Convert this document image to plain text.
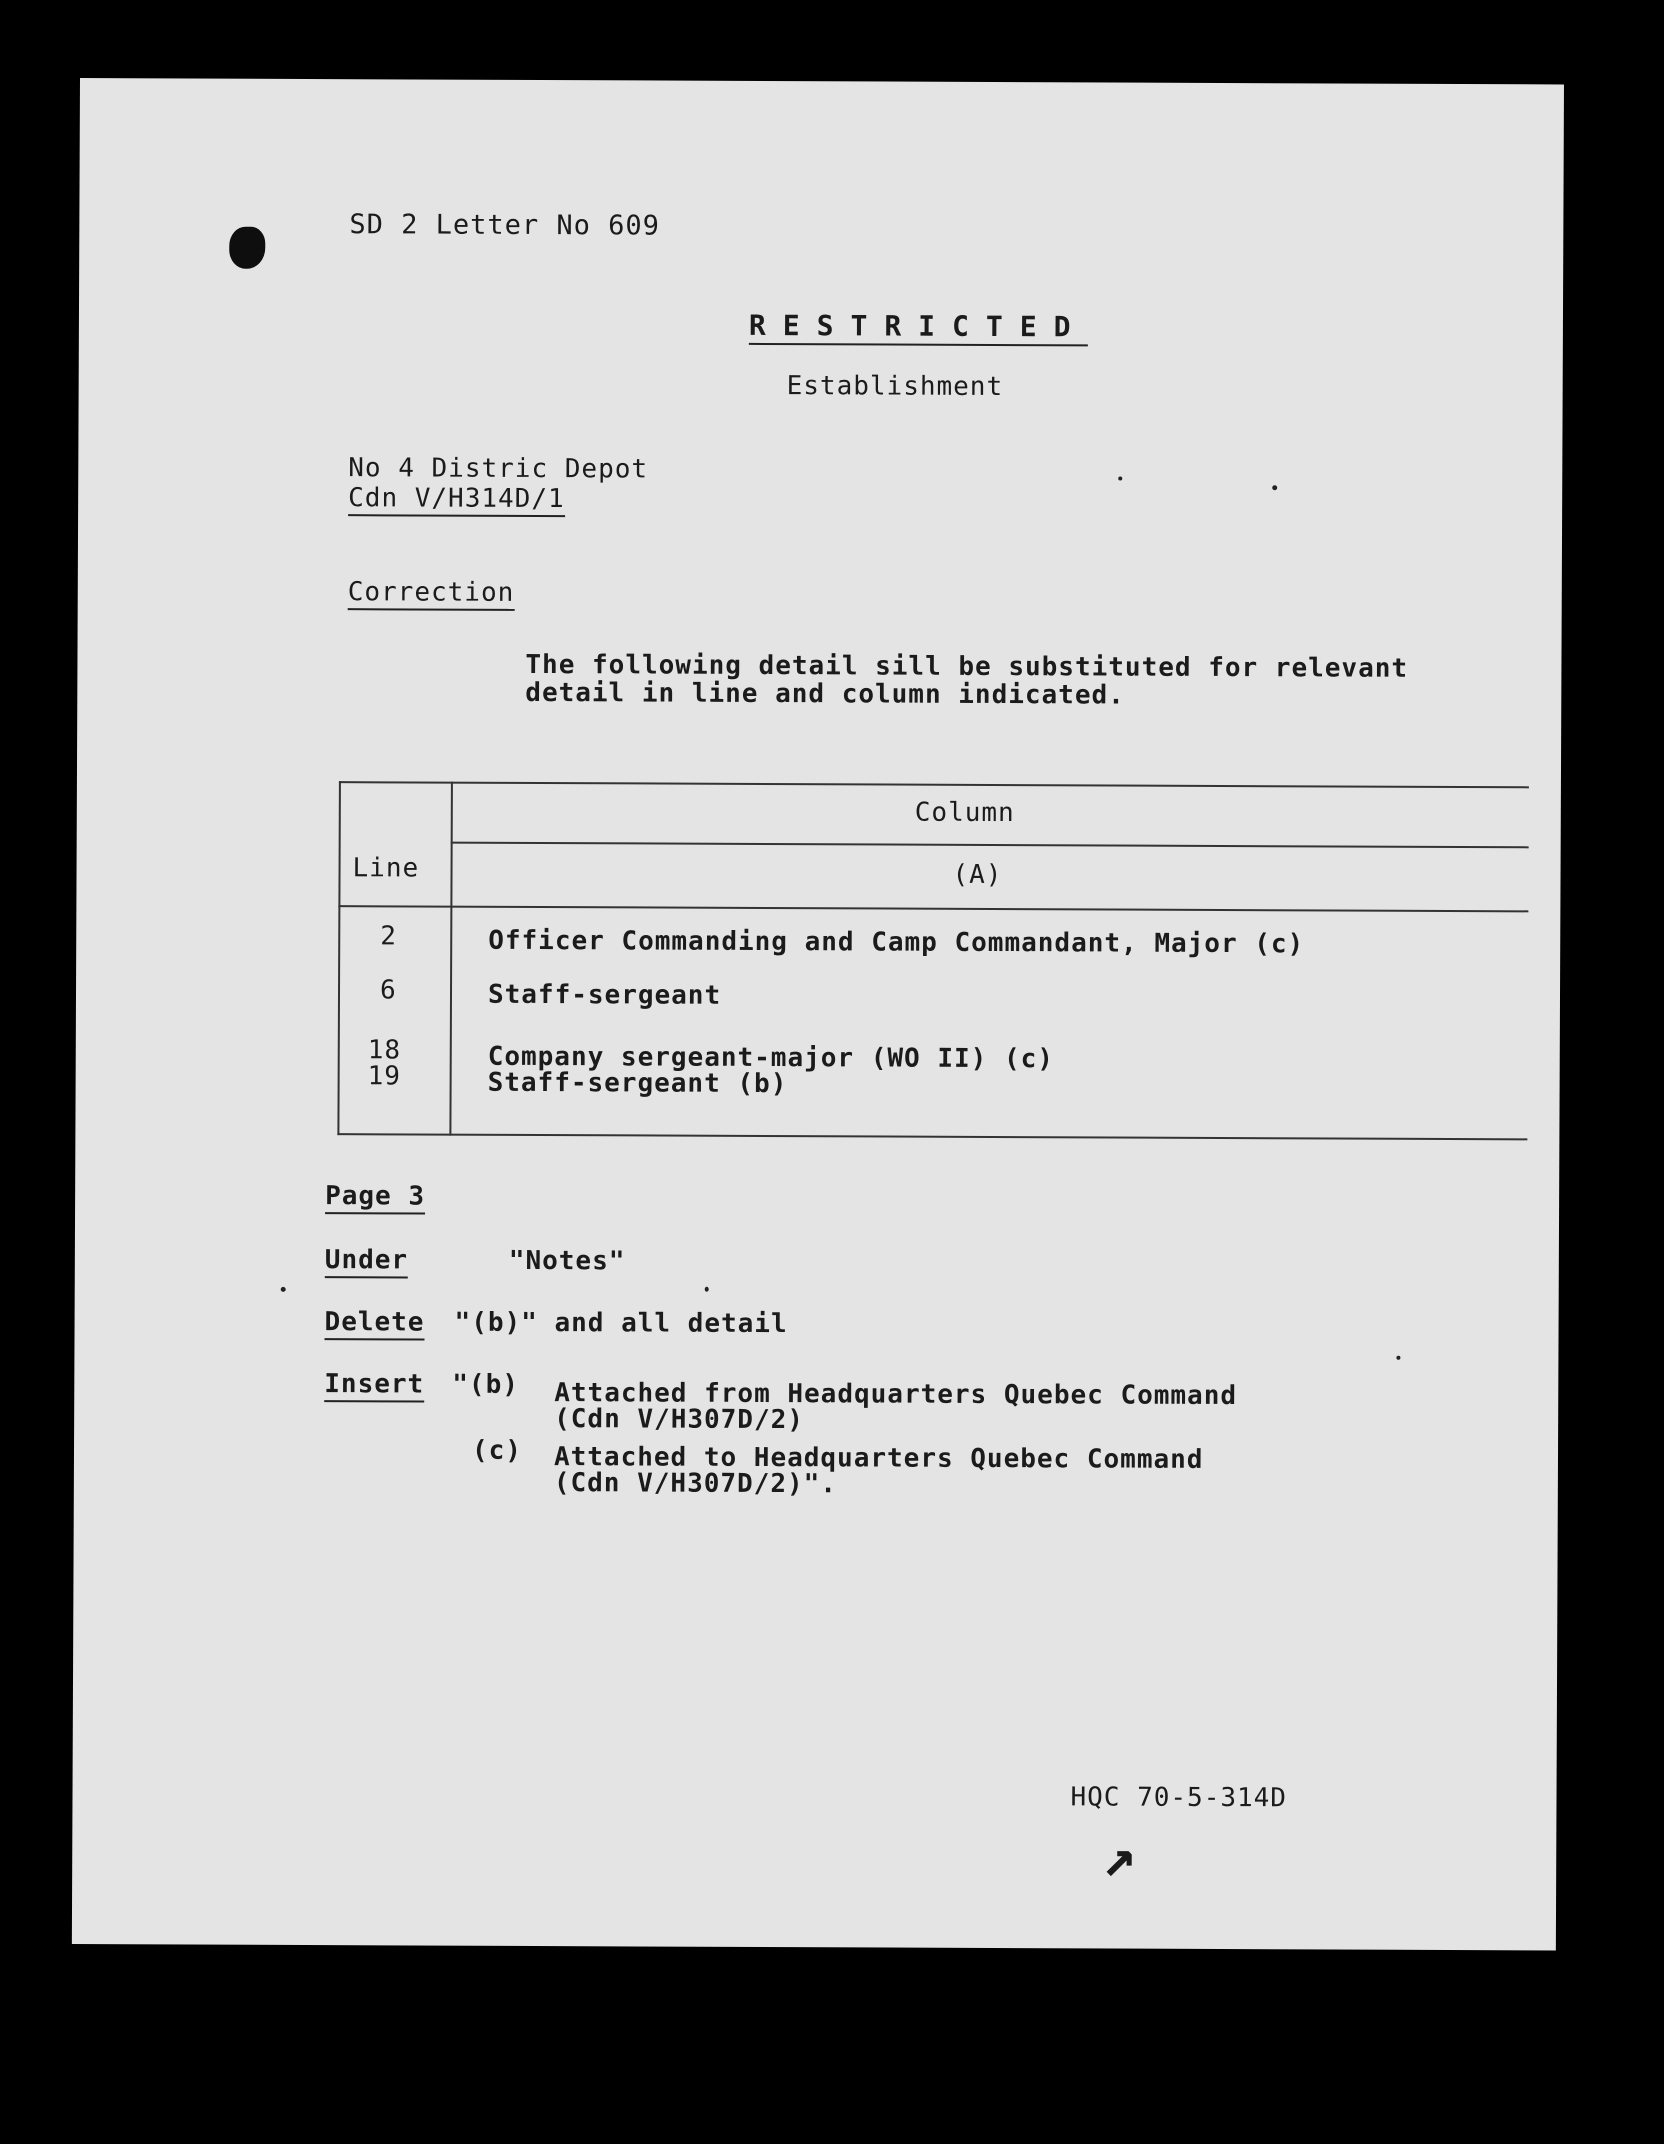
SD 2 Letter No 609
RESTRICTED
Establishment
No 4 Distric Depot
Cdn V/H314D/1
Correction
The following detail sill be substituted for relevant
detail in line and column indicated.
Line
Column
(A)
2	Officer Commanding and Camp Commandant, Major (c)
6	Staff-sergeant
18	Company sergeant-major (WO II) (c)
19	Staff-sergeant (b)
Page 3
Under	"Notes"
Delete "(b)" and all detail
Insert "(b) Attached from Headquarters Quebec Command
(Cdn V/H307D/2)
(c) Attached to Headquarters Quebec Command
(Cdn V/H307D/2)".
HQC 70-5-314D
↗
